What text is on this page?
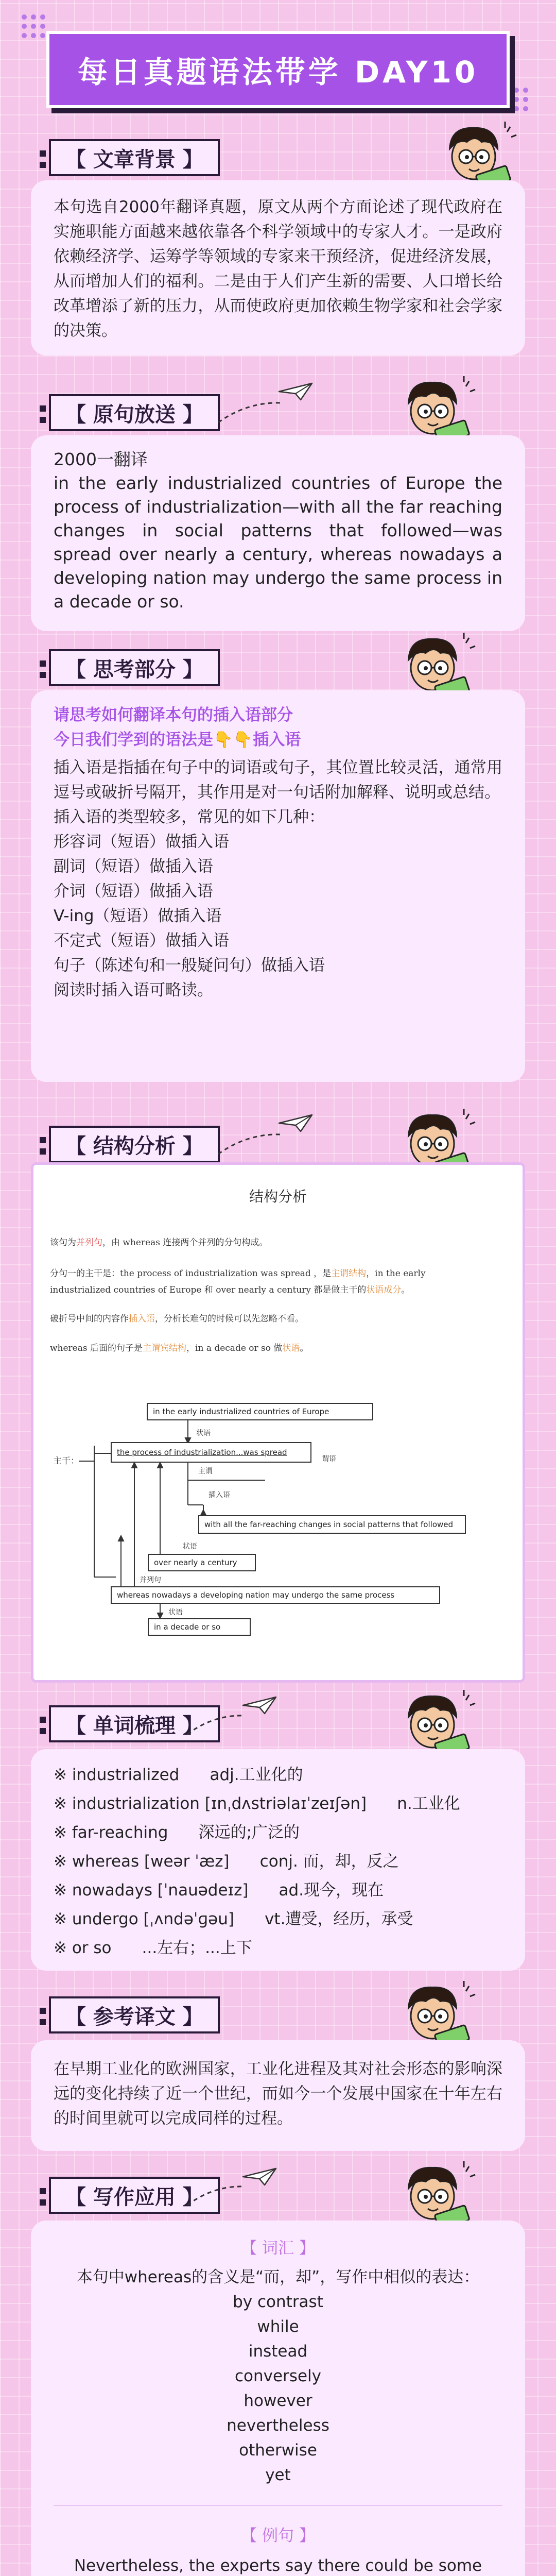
每日真题语法带学 DAY10
【 文章背景 】

本句选自2000年翻译真题，原文从两个方面论述了现代政府在实施职能方面越来越依靠各个科学领域中的专家人才。一是政府依赖经济学、运筹学等领域的专家来干预经济，促进经济发展，从而增加人们的福利。二是由于人们产生新的需要、人口增长给改革增添了新的压力，从而使政府更加依赖生物学家和社会学家的决策。

【 原句放送 】

2000一翻译

in the early industrialized countries of Europe the process of industrialization—with all the far reaching changes in social patterns that followed—was spread over nearly a century, whereas nowadays a developing nation may undergo the same process in a decade or so.

【 思考部分 】

请思考如何翻译本句的插入语部分

今日我们学到的语法是👇👇插入语

插入语是指插在句子中的词语或句子，其位置比较灵活，通常用逗号或破折号隔开，其作用是对一句话附加解释、说明或总结。

插入语的类型较多，常见的如下几种：

形容词（短语）做插入语

副词（短语）做插入语

介词（短语）做插入语

V-ing（短语）做插入语

不定式（短语）做插入语

句子（陈述句和一般疑问句）做插入语

阅读时插入语可略读。

【 结构分析 】
结构分析
该句为并列句，由 whereas 连接两个并列的分句构成。
分句一的主干是：the process of industrialization was spread ，是主谓结构，in the early
industrialized countries of Europe 和 over nearly a century 都是做主干的状语成分。
破折号中间的内容作插入语，分析长难句的时候可以先忽略不看。
whereas 后面的句子是主谓宾结构，in a decade or so 做状语。
主干：
in the early industrialized countries of Europe
状语
the process of industrialization...was spread
主谓
谓语
插入语
with all the far-reaching changes in social patterns that followed
over nearly a century
状语
并列句
whereas nowadays a developing nation may undergo the same process
状语
in a decade or so
【 单词梳理 】

※ industrialized      adj.工业化的

※ industrialization [ɪnˌdʌstriəlaɪˈzeɪʃən]      n.工业化

※ far-reaching      深远的;广泛的

※ whereas [weər ˈæz]      conj. 而，却，反之

※ nowadays [ˈnauədeɪz]      ad.现今，现在

※ undergo [ˌʌndəˈɡəu]      vt.遭受，经历，承受

※ or so      ...左右；...上下

【 参考译文 】

在早期工业化的欧洲国家，工业化进程及其对社会形态的影响深远的变化持续了近一个世纪，而如今一个发展中国家在十年左右的时间里就可以完成同样的过程。

【 写作应用 】

【 词汇 】

本句中whereas的含义是“而，却”，写作中相似的表达：

by contrast

while

instead

conversely

however

nevertheless

otherwise

yet

【 例句 】

Nevertheless, the experts say there could be some
